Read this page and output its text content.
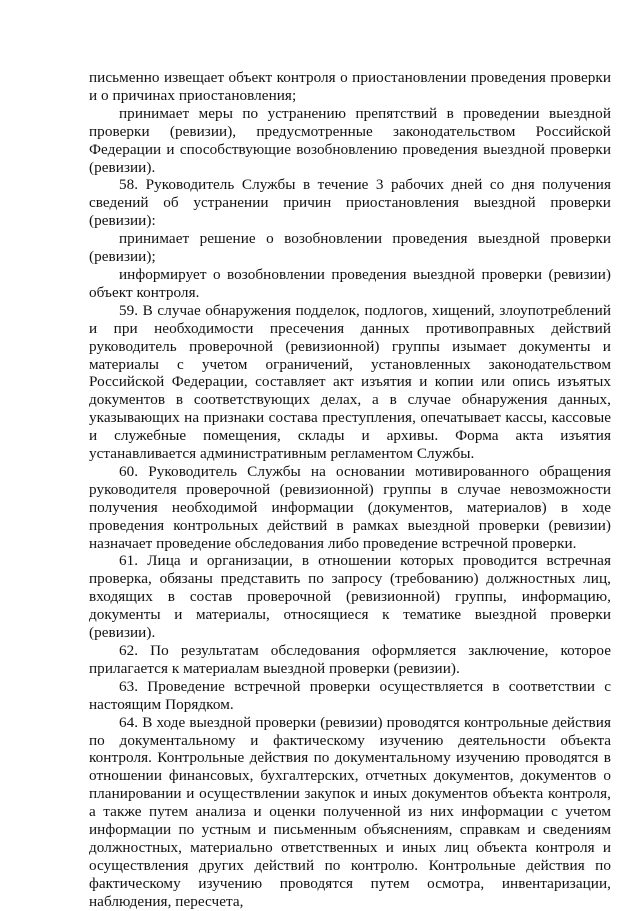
письменно извещает объект контроля о приостановлении проведения проверки и о причинах приостановления;

принимает меры по устранению препятствий в проведении выездной проверки (ревизии), предусмотренные законодательством Российской Федерации и способствующие возобновлению проведения выездной проверки (ревизии).

58. Руководитель Службы в течение 3 рабочих дней со дня получения сведений об устранении причин приостановления выездной проверки (ревизии):

принимает решение о возобновлении проведения выездной проверки (ревизии);

информирует о возобновлении проведения выездной проверки (ревизии) объект контроля.

59. В случае обнаружения подделок, подлогов, хищений, злоупотреблений и при необходимости пресечения данных противоправных действий руководитель проверочной (ревизионной) группы изымает документы и материалы с учетом ограничений, установленных законодательством Российской Федерации, составляет акт изъятия и копии или опись изъятых документов в соответствующих делах, а в случае обнаружения данных, указывающих на признаки состава преступления, опечатывает кассы, кассовые и служебные помещения, склады и архивы. Форма акта изъятия устанавливается административным регламентом Службы.

60. Руководитель Службы на основании мотивированного обращения руководителя проверочной (ревизионной) группы в случае невозможности получения необходимой информации (документов, материалов) в ходе проведения контрольных действий в рамках выездной проверки (ревизии) назначает проведение обследования либо проведение встречной проверки.

61. Лица и организации, в отношении которых проводится встречная проверка, обязаны представить по запросу (требованию) должностных лиц, входящих в состав проверочной (ревизионной) группы, информацию, документы и материалы, относящиеся к тематике выездной проверки (ревизии).

62. По результатам обследования оформляется заключение, которое прилагается к материалам выездной проверки (ревизии).

63. Проведение встречной проверки осуществляется в соответствии с настоящим Порядком.

64. В ходе выездной проверки (ревизии) проводятся контрольные действия по документальному и фактическому изучению деятельности объекта контроля. Контрольные действия по документальному изучению проводятся в отношении финансовых, бухгалтерских, отчетных документов, документов о планировании и осуществлении закупок и иных документов объекта контроля, а также путем анализа и оценки полученной из них информации с учетом информации по устным и письменным объяснениям, справкам и сведениям должностных, материально ответственных и иных лиц объекта контроля и осуществления других действий по контролю. Контрольные действия по фактическому изучению проводятся путем осмотра, инвентаризации, наблюдения, пересчета,
